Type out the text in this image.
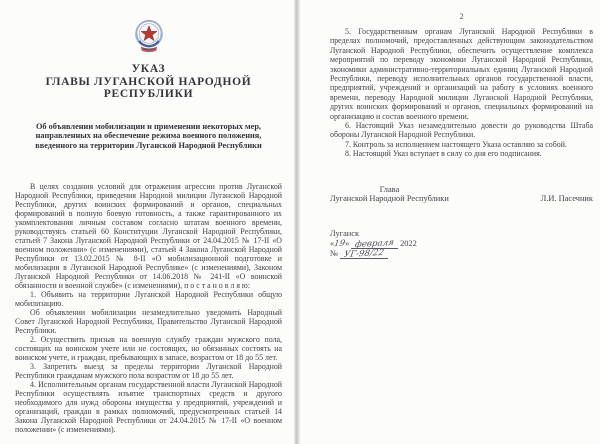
УКАЗ
ГЛАВЫ ЛУГАНСКОЙ НАРОДНОЙ РЕСПУБЛИКИ
Об объявлении мобилизации и применении некоторых мер,
направленных на обеспечение режима военного положения,
введенного на территории Луганской Народной Республики

В целях создания условий для отражения агрессии против Луганской Народной Республики, приведения Народной милиции Луганской Народной Республики, других воинских формирований и органов, специальных формирований в полную боевую готовность, а также гарантированного их укомплектования личным составом согласно штатам военного времени, руководствуясь статьей 60 Конституции Луганской Народной Республики, статьей 7 Закона Луганской Народной Республики от 24.04.2015 № 17-II «О военном положении» (с изменениями), статьей 4 Закона Луганской Народной Республики от 13.02.2015 № 8-II «О мобилизационной подготовке и мобилизации в Луганской Народной Республике» (с изменениями), Законом Луганской Народной Республики от 14.06.2018 № 241-II «О воинской обязанности и военной службе» (с изменениями), п о с т а н о в л я ю:

1. Объявить на территории Луганской Народной Республики общую мобилизацию.

Об объявлении мобилизации незамедлительно уведомить Народный Совет Луганской Народной Республики, Правительство Луганской Народной Республики.

2. Осуществить призыв на военную службу граждан мужского пола, состоящих на воинском учете или не состоящих, но обязанных состоять на воинском учете, и граждан, пребывающих в запасе, возрастом от 18 до 55 лет.

3. Запретить выезд за пределы территории Луганской Народной Республики гражданам мужского пола возрастом от 18 до 55 лет.

4. Исполнительным органам государственной власти Луганской Народной Республики осуществлять изъятие транспортных средств и другого необходимого для нужд обороны имущества у предприятий, учреждений и организаций, граждан в рамках полномочий, предусмотренных статьей 14 Закона Луганской Народной Республики от 24.04.2015 № 17-II «О военном положении» (с изменениями).

2

5. Государственным органам Луганской Народной Республики в пределах полномочий, предоставленных действующим законодательством Луганской Народной Республики, обеспечить осуществление комплекса мероприятий по переводу экономики Луганской Народной Республики, экономики административно-территориальных единиц Луганской Народной Республики, переводу исполнительных органов государственной власти, предприятий, учреждений и организаций на работу в условиях военного времени, переводу Народной милиции Луганской Народной Республики, других воинских формирований и органов, специальных формирований на организацию и состав военного времени.

6. Настоящий Указ незамедлительно довести до руководства Штаба обороны Луганской Народной Республики.

7. Контроль за исполнением настоящего Указа оставляю за собой.

8. Настоящий Указ вступает в силу со дня его подписания.

Глава
Луганской Народной Республики	Л.И. Пасечник
Луганск
«19» февраля 2022
№ УГ-98/22
